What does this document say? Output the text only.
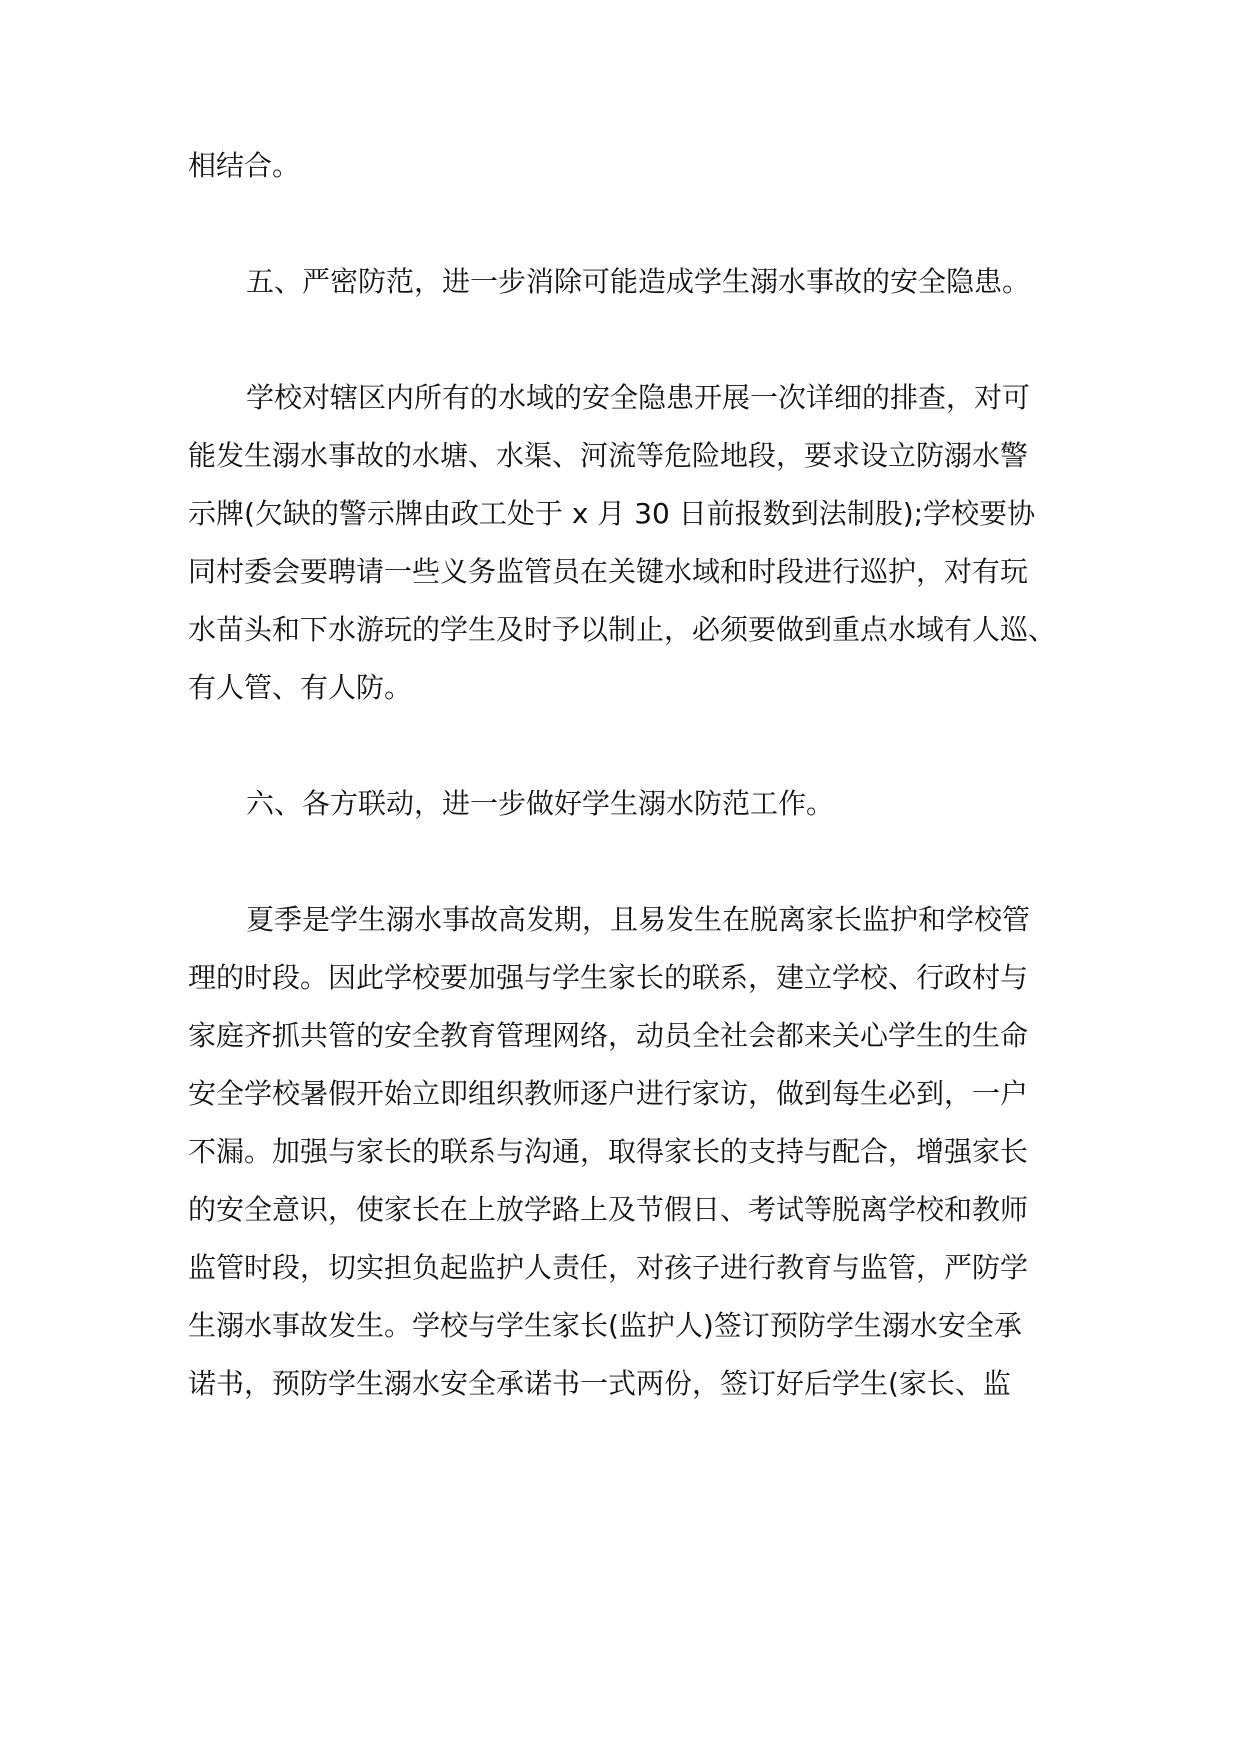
相结合。

五、严密防范，进一步消除可能造成学生溺水事故的安全隐患。

学校对辖区内所有的水域的安全隐患开展一次详细的排查，对可

能发生溺水事故的水塘、水渠、河流等危险地段，要求设立防溺水警

示牌(欠缺的警示牌由政工处于 x 月 30 日前报数到法制股);学校要协

同村委会要聘请一些义务监管员在关键水域和时段进行巡护，对有玩

水苗头和下水游玩的学生及时予以制止，必须要做到重点水域有人巡、

有人管、有人防。

六、各方联动，进一步做好学生溺水防范工作。

夏季是学生溺水事故高发期，且易发生在脱离家长监护和学校管

理的时段。因此学校要加强与学生家长的联系，建立学校、行政村与

家庭齐抓共管的安全教育管理网络，动员全社会都来关心学生的生命

安全学校暑假开始立即组织教师逐户进行家访，做到每生必到，一户

不漏。加强与家长的联系与沟通，取得家长的支持与配合，增强家长

的安全意识，使家长在上放学路上及节假日、考试等脱离学校和教师

监管时段，切实担负起监护人责任，对孩子进行教育与监管，严防学

生溺水事故发生。学校与学生家长(监护人)签订预防学生溺水安全承

诺书，预防学生溺水安全承诺书一式两份，签订好后学生(家长、监
